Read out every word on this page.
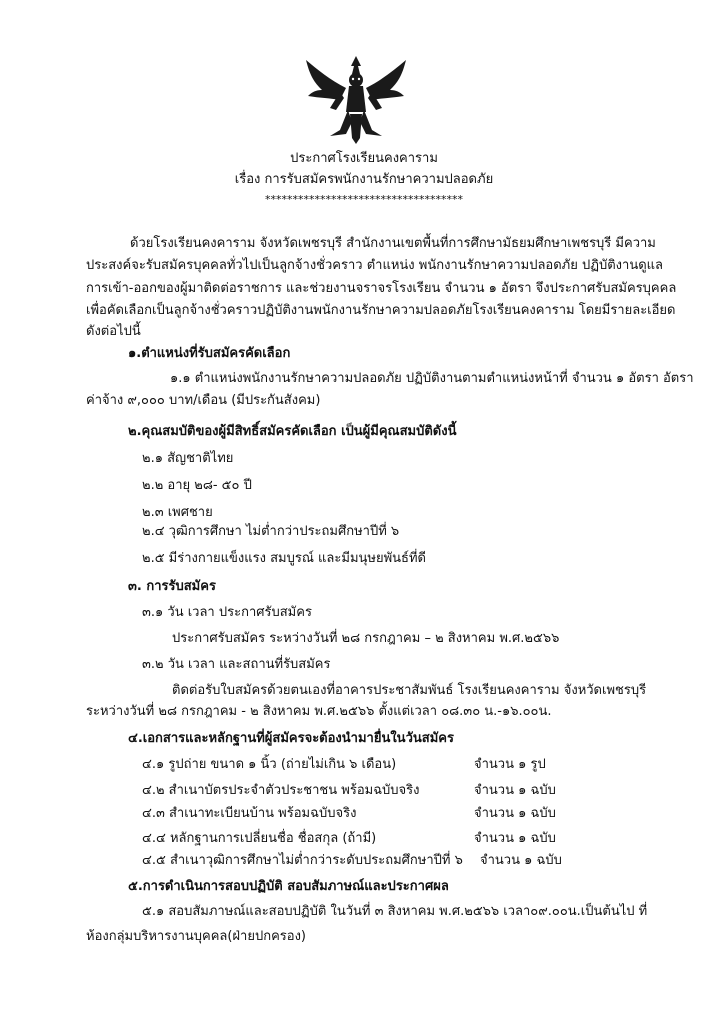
ประกาศโรงเรียนคงคาราม
เรื่อง การรับสมัครพนักงานรักษาความปลอดภัย
************************************
ด้วยโรงเรียนคงคาราม จังหวัดเพชรบุรี สำนักงานเขตพื้นที่การศึกษามัธยมศึกษาเพชรบุรี มีความ
ประสงค์จะรับสมัครบุคคลทั่วไปเป็นลูกจ้างชั่วคราว ตำแหน่ง พนักงานรักษาความปลอดภัย ปฏิบัติงานดูแล
การเข้า-ออกของผู้มาติดต่อราชการ และช่วยงานจราจรโรงเรียน จำนวน ๑ อัตรา จึงประกาศรับสมัครบุคคล
เพื่อคัดเลือกเป็นลูกจ้างชั่วคราวปฏิบัติงานพนักงานรักษาความปลอดภัยโรงเรียนคงคาราม โดยมีรายละเอียด
ดังต่อไปนี้
๑.ตำแหน่งที่รับสมัครคัดเลือก
๑.๑ ตำแหน่งพนักงานรักษาความปลอดภัย ปฏิบัติงานตามตำแหน่งหน้าที่ จำนวน ๑ อัตรา อัตรา
ค่าจ้าง ๙,๐๐๐ บาท/เดือน (มีประกันสังคม)
๒.คุณสมบัติของผู้มีสิทธิ์สมัครคัดเลือก เป็นผู้มีคุณสมบัติดังนี้
๒.๑ สัญชาติไทย
๒.๒ อายุ ๒๘- ๕๐ ปี
๒.๓ เพศชาย
๒.๔ วุฒิการศึกษา ไม่ต่ำกว่าประถมศึกษาปีที่ ๖
๒.๕ มีร่างกายแข็งแรง สมบูรณ์ และมีมนุษยพันธ์ที่ดี
๓. การรับสมัคร
๓.๑ วัน เวลา ประกาศรับสมัคร
ประกาศรับสมัคร ระหว่างวันที่ ๒๘ กรกฎาคม – ๒ สิงหาคม พ.ศ.๒๕๖๖
๓.๒ วัน เวลา และสถานที่รับสมัคร
ติดต่อรับใบสมัครด้วยตนเองที่อาคารประชาสัมพันธ์ โรงเรียนคงคาราม จังหวัดเพชรบุรี
ระหว่างวันที่ ๒๘ กรกฎาคม - ๒ สิงหาคม พ.ศ.๒๕๖๖ ตั้งแต่เวลา ๐๘.๓๐ น.-๑๖.๐๐น.
๔.เอกสารและหลักฐานที่ผู้สมัครจะต้องนำมายื่นในวันสมัคร
๔.๑ รูปถ่าย ขนาด ๑ นิ้ว (ถ่ายไม่เกิน ๖ เดือน)	จำนวน ๑ รูป
๔.๒ สำเนาบัตรประจำตัวประชาชน พร้อมฉบับจริง	จำนวน ๑ ฉบับ
๔.๓ สำเนาทะเบียนบ้าน พร้อมฉบับจริง	จำนวน ๑ ฉบับ
๔.๔ หลักฐานการเปลี่ยนชื่อ ชื่อสกุล (ถ้ามี)	จำนวน ๑ ฉบับ
๔.๕ สำเนาวุฒิการศึกษาไม่ต่ำกว่าระดับประถมศึกษาปีที่ ๖ จำนวน ๑ ฉบับ
๕.การดำเนินการสอบปฏิบัติ สอบสัมภาษณ์และประกาศผล
๕.๑ สอบสัมภาษณ์และสอบปฏิบัติ ในวันที่ ๓ สิงหาคม พ.ศ.๒๕๖๖ เวลา๐๙.๐๐น.เป็นต้นไป ที่
ห้องกลุ่มบริหารงานบุคคล(ฝ่ายปกครอง)
